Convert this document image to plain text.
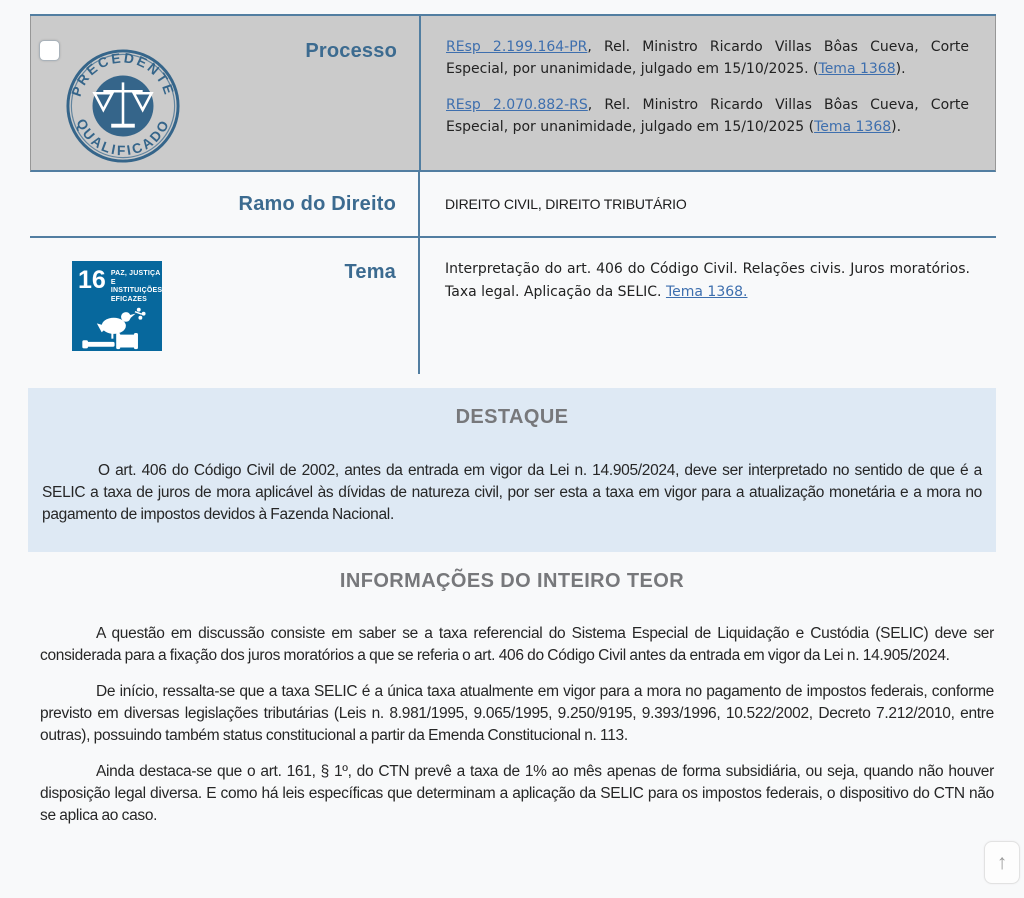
PRECEDENTE
QUALIFICADO
Processo	REsp 2.199.164-PR, Rel. Ministro Ricardo Villas Bôas Cueva, Corte Especial, por unanimidade, julgado em 15/10/2025. (Tema 1368).

REsp 2.070.882-RS, Rel. Ministro Ricardo Villas Bôas Cueva, Corte Especial, por unanimidade, julgado em 15/10/2025 (Tema 1368).

Ramo do Direito	DIREITO CIVIL, DIREITO TRIBUTÁRIO
16 PAZ, JUSTIÇA E
INSTITUIÇÕES
EFICAZES
Tema	Interpretação do art. 406 do Código Civil. Relações civis. Juros moratórios. Taxa legal. Aplicação da SELIC. Tema 1368.

DESTAQUE

O art. 406 do Código Civil de 2002, antes da entrada em vigor da Lei n. 14.905/2024, deve ser interpretado no sentido de que é a SELIC a taxa de juros de mora aplicável às dívidas de natureza civil, por ser esta a taxa em vigor para a atualização monetária e a mora no pagamento de impostos devidos à Fazenda Nacional.

INFORMAÇÕES DO INTEIRO TEOR

A questão em discussão consiste em saber se a taxa referencial do Sistema Especial de Liquidação e Custódia (SELIC) deve ser considerada para a fixação dos juros moratórios a que se referia o art. 406 do Código Civil antes da entrada em vigor da Lei n. 14.905/2024.

De início, ressalta-se que a taxa SELIC é a única taxa atualmente em vigor para a mora no pagamento de impostos federais, conforme previsto em diversas legislações tributárias (Leis n. 8.981/1995, 9.065/1995, 9.250/9195, 9.393/1996, 10.522/2002, Decreto 7.212/2010, entre outras), possuindo também status constitucional a partir da Emenda Constitucional n. 113.

Ainda destaca-se que o art. 161, § 1º, do CTN prevê a taxa de 1% ao mês apenas de forma subsidiária, ou seja, quando não houver disposição legal diversa. E como há leis específicas que determinam a aplicação da SELIC para os impostos federais, o dispositivo do CTN não se aplica ao caso.

↑
